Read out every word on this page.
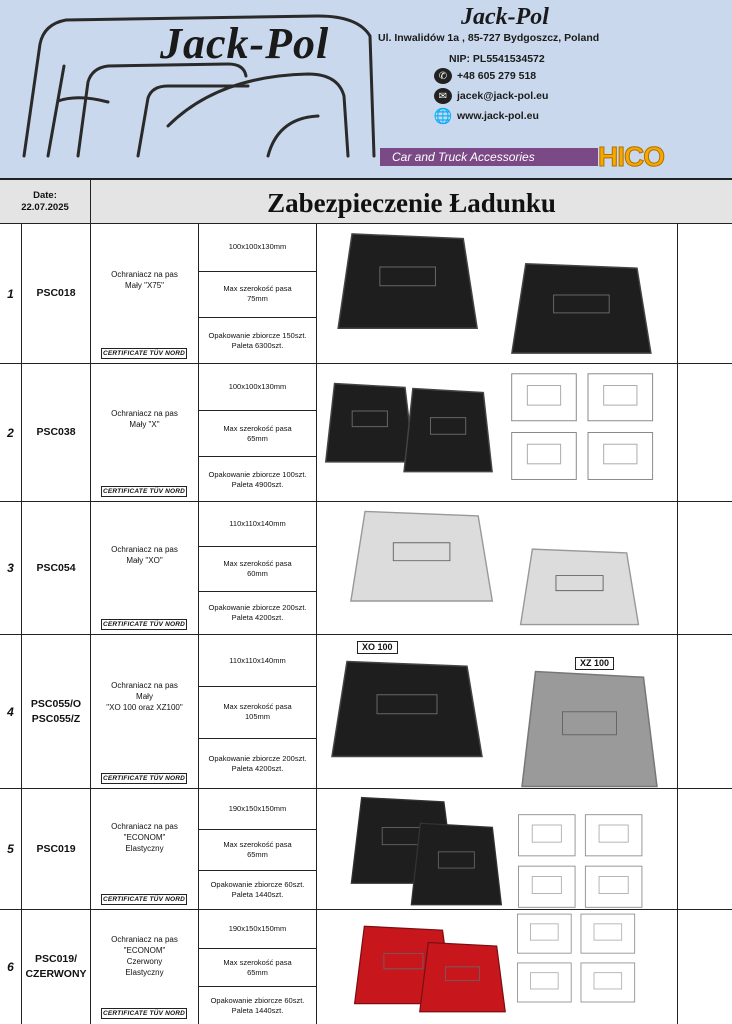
Jack-Pol
Jack-Pol
Ul. Inwalidów 1a , 85-727 Bydgoszcz, Poland
NIP: PL5541534572
✆ +48 605 279 518
✉ jacek@jack-pol.eu
🌐 www.jack-pol.eu
Car and Truck Accessories	HICO
Date:
22.07.2025	Zabezpieczenie Ładunku
1	PSC018
Ochraniacz na pas
Mały "X75"
CERTIFICATE TÜV NORD
100x100x130mm
Max szerokość pasa
75mm
Opakowanie zbiorcze 150szt.
Paleta 6300szt.
2	PSC038
Ochraniacz na pas
Mały "X"
CERTIFICATE TÜV NORD
100x100x130mm
Max szerokość pasa
65mm
Opakowanie zbiorcze 100szt.
Paleta 4900szt.
3	PSC054
Ochraniacz na pas
Mały "XO"
CERTIFICATE TÜV NORD
110x110x140mm
Max szerokość pasa
60mm
Opakowanie zbiorcze 200szt.
Paleta 4200szt.
4
PSC055/O
PSC055/Z
Ochraniacz na pas
Mały
"XO 100 oraz XZ100"
CERTIFICATE TÜV NORD
110x110x140mm
Max szerokość pasa
105mm
Opakowanie zbiorcze 200szt.
Paleta 4200szt.
XO 100
XZ 100
5	PSC019
Ochraniacz na pas
"ECONOM"
Elastyczny
CERTIFICATE TÜV NORD
190x150x150mm
Max szerokość pasa
65mm
Opakowanie zbiorcze 60szt.
Paleta 1440szt.
6
PSC019/
CZERWONY
Ochraniacz na pas
"ECONOM"
Czerwony
Elastyczny
CERTIFICATE TÜV NORD
190x150x150mm
Max szerokość pasa
65mm
Opakowanie zbiorcze 60szt.
Paleta 1440szt.
